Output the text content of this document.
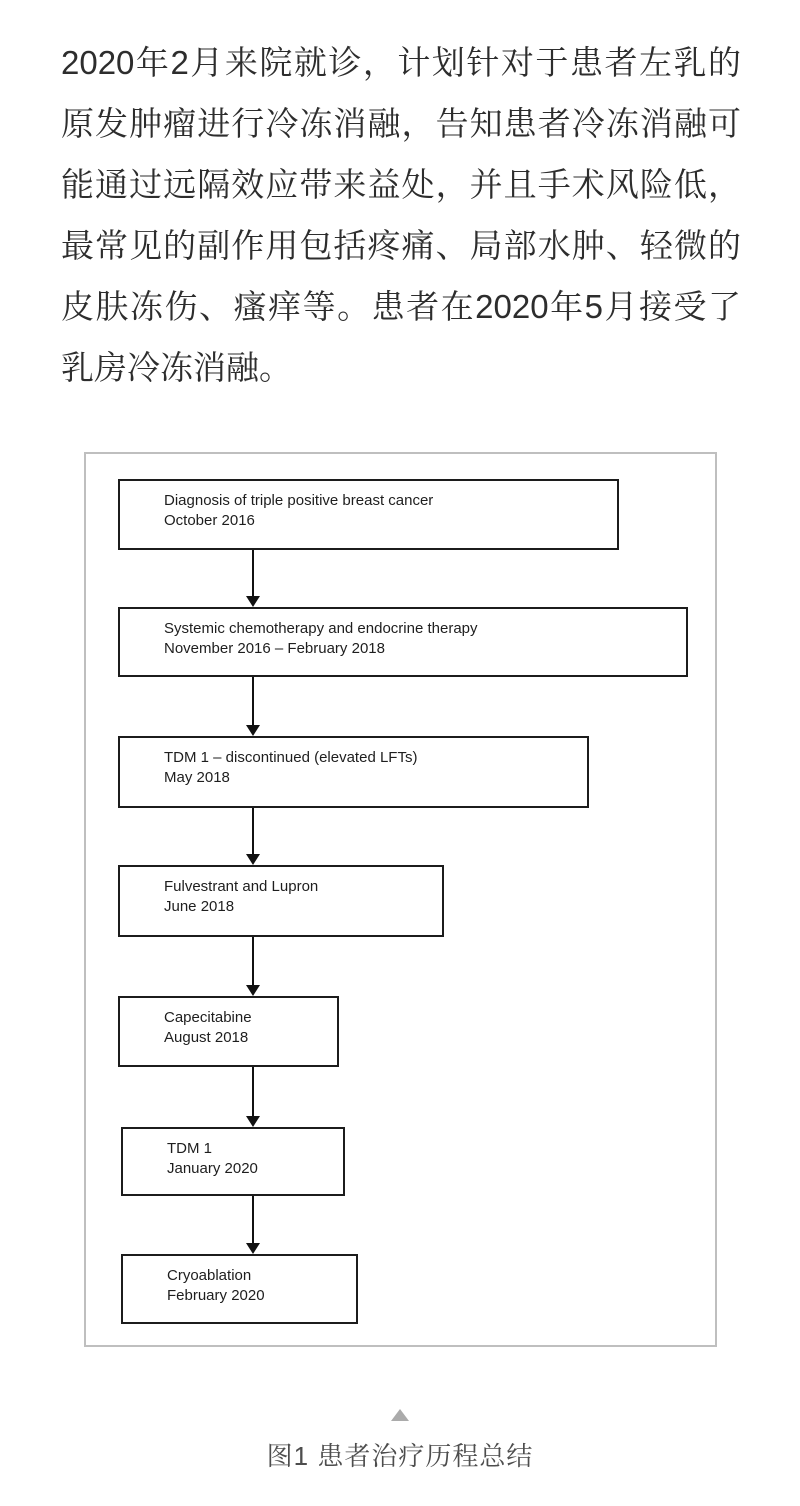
2020年2月来院就诊，计划针对于患者左乳的
原发肿瘤进行冷冻消融，告知患者冷冻消融可
能通过远隔效应带来益处，并且手术风险低，
最常见的副作用包括疼痛、局部水肿、轻微的
皮肤冻伤、瘙痒等。患者在2020年5月接受了
乳房冷冻消融。
Diagnosis of triple positive breast cancer
October 2016
Systemic chemotherapy and endocrine therapy
November 2016 – February 2018
TDM 1 – discontinued (elevated LFTs)
May 2018
Fulvestrant and Lupron
June 2018
Capecitabine
August 2018
TDM 1
January 2020
Cryoablation
February 2020
图1 患者治疗历程总结
